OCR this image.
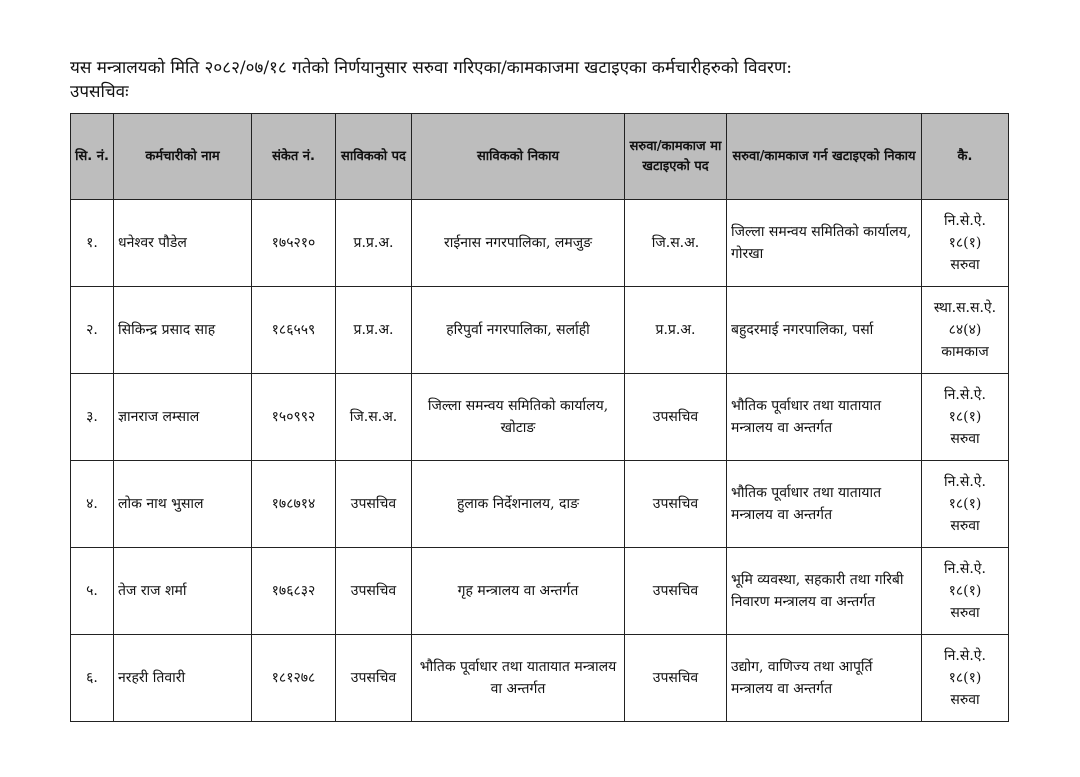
यस मन्त्रालयको मिति २०८२/०७/१८ गतेको निर्णयानुसार सरुवा गरिएका/कामकाजमा खटाइएका कर्मचारीहरुको विवरण:
उपसचिवः
सि. नं.	कर्मचारीको नाम	संकेत नं.	साविकको पद	साविकको निकाय	सरुवा/कामकाज मा खटाइएको पद	सरुवा/कामकाज गर्न खटाइएको निकाय	कै.
१.	धनेश्वर पौडेल	१७५२१०	प्र.प्र.अ.	राईनास नगरपालिका, लमजुङ	जि.स.अ.	जिल्ला समन्वय समितिको कार्यालय, गोरखा	नि.से.ऐ.
१८(१)
सरुवा

२.	सिकिन्द्र प्रसाद साह	१८६५५९	प्र.प्र.अ.	हरिपुर्वा नगरपालिका, सर्लाही	प्र.प्र.अ.	बहुदरमाई नगरपालिका, पर्सा	स्था.स.स.ऐ.
८४(४)
कामकाज

३.	ज्ञानराज लम्साल	१५०९९२	जि.स.अ.	जिल्ला समन्वय समितिको कार्यालय, खोटाङ	उपसचिव	भौतिक पूर्वाधार तथा यातायात मन्त्रालय वा अन्तर्गत	नि.से.ऐ.
१८(१)
सरुवा

४.	लोक नाथ भुसाल	१७८७१४	उपसचिव	हुलाक निर्देशनालय, दाङ	उपसचिव	भौतिक पूर्वाधार तथा यातायात मन्त्रालय वा अन्तर्गत	नि.से.ऐ.
१८(१)
सरुवा

५.	तेज राज शर्मा	१७६८३२	उपसचिव	गृह मन्त्रालय वा अन्तर्गत	उपसचिव	भूमि व्यवस्था, सहकारी तथा गरिबी निवारण मन्त्रालय वा अन्तर्गत	नि.से.ऐ.
१८(१)
सरुवा

६.	नरहरी तिवारी	१८१२७८	उपसचिव	भौतिक पूर्वाधार तथा यातायात मन्त्रालय वा अन्तर्गत	उपसचिव	उद्योग, वाणिज्य तथा आपूर्ति मन्त्रालय वा अन्तर्गत	नि.से.ऐ.
१८(१)
सरुवा
